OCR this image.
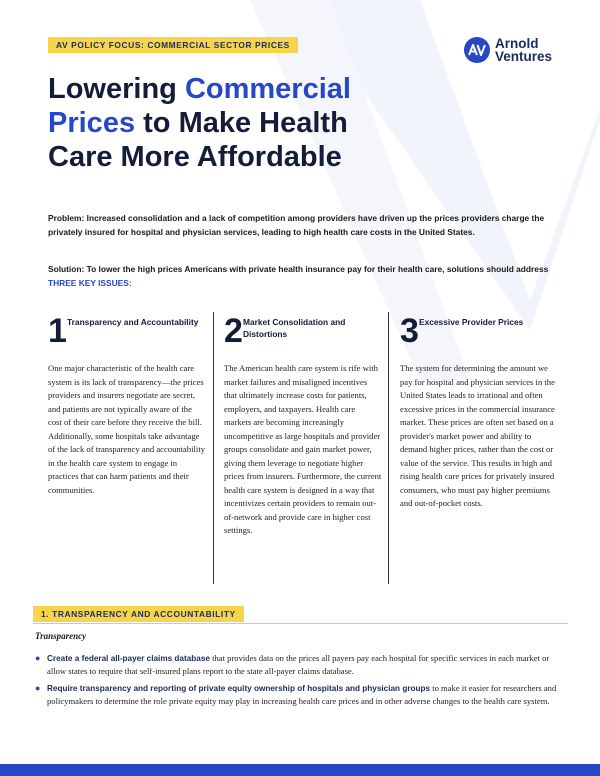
AV POLICY FOCUS: COMMERCIAL SECTOR PRICES	Arnold
Ventures
Lowering Commercial
Prices to Make Health Care More Affordable

Problem: Increased consolidation and a lack of competition among providers have driven up the prices providers charge the privately insured for hospital and physician services, leading to high health care costs in the United States.

Solution: To lower the high prices Americans with private health insurance pay for their health care, solutions should address THREE KEY ISSUES:

1 Transparency and Accountability
One major characteristic of the health care system is its lack of transparency—the prices providers and insurers negotiate are secret, and patients are not typically aware of the cost of their care before they receive the bill. Additionally, some hospitals take advantage of the lack of transparency and accountability in the health care system to engage in practices that can harm patients and their communities.
2 Market Consolidation and Distortions
The American health care system is rife with market failures and misaligned incentives that ultimately increase costs for patients, employers, and taxpayers. Health care markets are becoming increasingly uncompetitive as large hospitals and provider groups consolidate and gain market power, giving them leverage to negotiate higher prices from insurers. Furthermore, the current health care system is designed in a way that incentivizes certain providers to remain out-of-network and provide care in higher cost settings.
3 Excessive Provider Prices
The system for determining the amount we pay for hospital and physician services in the United States leads to irrational and often excessive prices in the commercial insurance market. These prices are often set based on a provider's market power and ability to demand higher prices, rather than the cost or value of the service. This results in high and rising health care prices for privately insured consumers, who must pay higher premiums and out-of-pocket costs.
1. TRANSPARENCY AND ACCOUNTABILITY
Transparency
● Create a federal all-payer claims database that provides data on the prices all payers pay each hospital for specific services in each market or allow states to require that self-insured plans report to the state all-payer claims database.
● Require transparency and reporting of private equity ownership of hospitals and physician groups to make it easier for researchers and policymakers to determine the role private equity may play in increasing health care prices and in other adverse changes to the health care system.
